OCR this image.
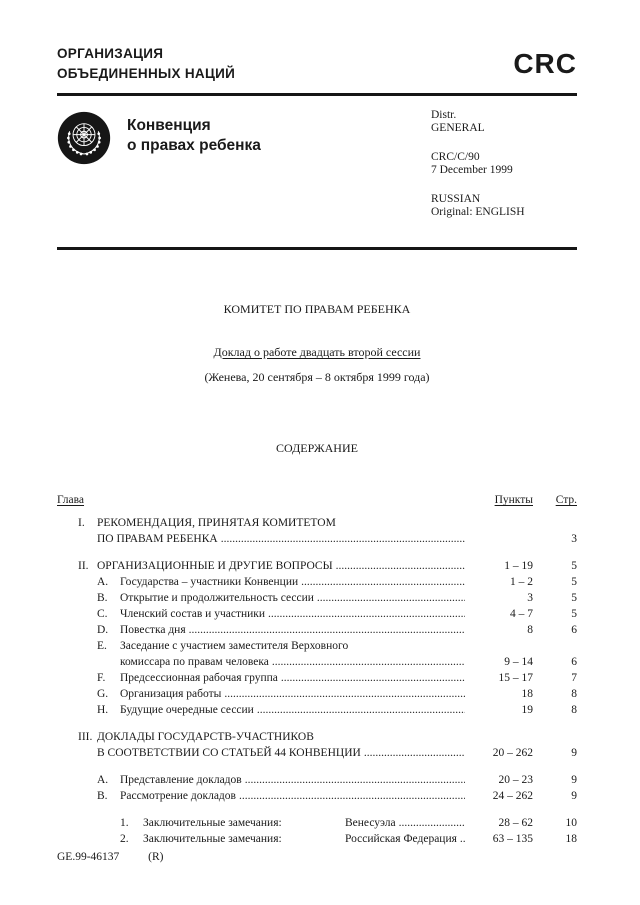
ОРГАНИЗАЦИЯ
ОБЪЕДИНЕННЫХ НАЦИЙ	CRC
Конвенция
о правах ребенка
Distr.
GENERAL
CRC/C/90
7 December 1999
RUSSIAN
Original: ENGLISH
КОМИТЕТ ПО ПРАВАМ РЕБЕНКА
Доклад о работе двадцать второй сессии
(Женева, 20 сентября – 8 октября 1999 года)
СОДЕРЖАНИЕ
Глава	Пункты	Стр.
I.	РЕКОМЕНДАЦИЯ, ПРИНЯТАЯ КОМИТЕТОМ
ПО ПРАВАМ РЕБЕНКА .....	3
II. ОРГАНИЗАЦИОННЫЕ И ДРУГИЕ ВОПРОСЫ .....	1 – 19	5
A.	Государства – участники Конвенции .....	1 – 2	5
B.	Открытие и продолжительность сессии .....	3	5
C.	Членский состав и участники .....	4 – 7	5
D.	Повестка дня .....	8	6
E.	Заседание с участием заместителя Верховного
комиссара по правам человека .....	9 – 14	6
F.	Предсессионная рабочая группа .....	15 – 17	7
G.	Организация работы .....	18	8
H.	Будущие очередные сессии .....	19	8
III. ДОКЛАДЫ ГОСУДАРСТВ-УЧАСТНИКОВ
В СООТВЕТСТВИИ СО СТАТЬЕЙ 44 КОНВЕНЦИИ .....	20 – 262	9
A.	Представление докладов .....	20 – 23	9
B.	Рассмотрение докладов .....	24 – 262	9
1.	Заключительные замечания:	Венесуэла .....	28 – 62	10
2.	Заключительные замечания:	Российская Федерация .....	63 – 135	18
GE.99-46137	(R)
